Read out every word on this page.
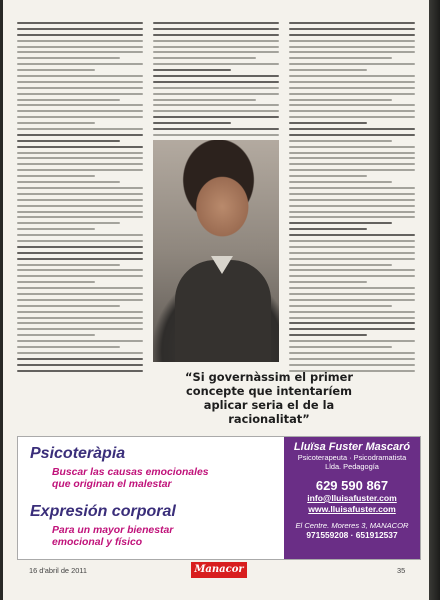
“Si governàssim el primer
concepte que intentaríem
aplicar seria el de la
racionalitat”
Psicoteràpia
Buscar las causas emocionales
que originan el malestar
Expresión corporal
Para un mayor bienestar
emocional y físico
Lluïsa Fuster Mascaró
Psicoterapeuta · Psicodramatista
Llda. Pedagogía
629 590 867
info@lluisafuster.com
www.lluisafuster.com
El Centre. Moreres 3, MANACOR
971559208 · 651912537
16 d'abril de 2011	Manacor	35
